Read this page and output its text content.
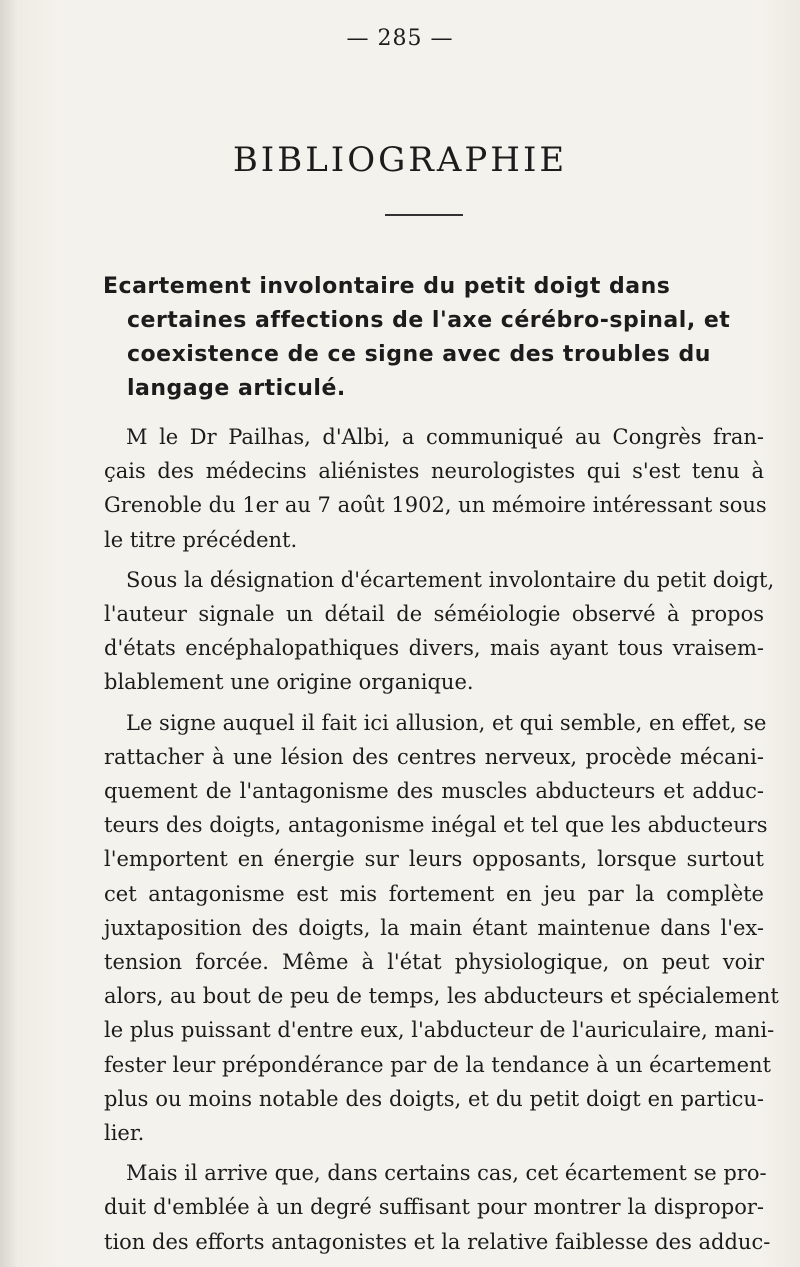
— 285 —
BIBLIOGRAPHIE
Ecartement involontaire du petit doigt dans
certaines affections de l'axe cérébro-spinal, et
coexistence de ce signe avec des troubles du
langage articulé.
M le Dr Pailhas, d'Albi, a communiqué au Congrès fran-
çais des médecins aliénistes neurologistes qui s'est tenu à
Grenoble du 1er au 7 août 1902, un mémoire intéressant sous
le titre précédent.
Sous la désignation d'écartement involontaire du petit doigt,
l'auteur signale un détail de séméiologie observé à propos
d'états encéphalopathiques divers, mais ayant tous vraisem-
blablement une origine organique.
Le signe auquel il fait ici allusion, et qui semble, en effet, se
rattacher à une lésion des centres nerveux, procède mécani-
quement de l'antagonisme des muscles abducteurs et adduc-
teurs des doigts, antagonisme inégal et tel que les abducteurs
l'emportent en énergie sur leurs opposants, lorsque surtout
cet antagonisme est mis fortement en jeu par la complète
juxtaposition des doigts, la main étant maintenue dans l'ex-
tension forcée. Même à l'état physiologique, on peut voir
alors, au bout de peu de temps, les abducteurs et spécialement
le plus puissant d'entre eux, l'abducteur de l'auriculaire, mani-
fester leur prépondérance par de la tendance à un écartement
plus ou moins notable des doigts, et du petit doigt en particu-
lier.
Mais il arrive que, dans certains cas, cet écartement se pro-
duit d'emblée à un degré suffisant pour montrer la dispropor-
tion des efforts antagonistes et la relative faiblesse des adduc-
